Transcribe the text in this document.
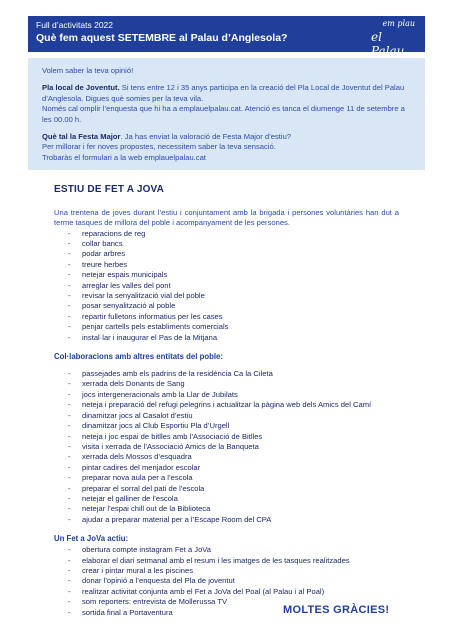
Full d’activitats 2022
Què fem aquest SETEMBRE al Palau d’Anglesola?
em plau
el Palau

Volem saber la teva opinió!

Pla local de Joventut. Si tens entre 12 i 35 anys participa en la creació del Pla Local de Joventut del Palau d’Anglesola. Digues què somies per la teva vila.
Només cal omplir l’enquesta que hi ha a emplauelpalau.cat. Atenció es tanca el diumenge 11 de setembre a les 00.00 h.

Què tal la Festa Major. Ja has enviat la valoració de Festa Major d’estiu?
Per millorar i fer noves propostes, necessitem saber la teva sensació.
Trobaràs el formulari a la web emplauelpalau.cat

ESTIU DE FET A JOVA
Una trentena de joves durant l’estiu i conjuntament amb la brigada i persones voluntàries han dut a terme tasques de millora del poble i acompanyament de les persones.
- reparacions de reg
- collar bancs
- podar arbres
- treure herbes
- netejar espais municipals
- arreglar les valles del pont
- revisar la senyalització vial del poble
- posar senyalització al poble
- repartir fulletons informatius per les cases
- penjar cartells pels establiments comercials
- instal·lar i inaugurar el Pas de la Mitjana
Col·laboracions amb altres entitats del poble:
- passejades amb els padrins de la residència Ca la Cileta
- xerrada dels Donants de Sang
- jocs intergeneracionals amb la Llar de Jubilats
- neteja i preparació del refugi pelegrins i actualitzar la pàgina web dels Amics del Camí
- dinamitzar jocs al Casalot d’estiu
- dinamitzar jocs al Club Esportiu Pla d’Urgell
- neteja i joc espai de bitlles amb l’Associació de Bitlles
- visita i xerrada de l’Associació Amics de la Banqueta
- xerrada dels Mossos d’esquadra
- pintar cadires del menjador escolar
- preparar nova aula per a l’escola
- preparar el sorral del pati de l’escola
- netejar el galliner de l’escola
- netejar l’espai chill out de la Biblioteca
- ajudar a preparar material per a l’Escape Room del CPA
Un Fet a JoVa actiu:
- obertura compte instagram Fet a JoVa
- elaborar el diari setmanal amb el resum i les imatges de les tasques realitzades
- crear i pintar mural a les piscines
- donar l’opinió a l’enquesta del Pla de joventut
- realitzar activitat conjunta amb el Fet a JoVa del Poal (al Palau i al Poal)
- som reporters: entrevista de Mollerussa TV
- sortida final a Portaventura	MOLTES GRÀCIES!
